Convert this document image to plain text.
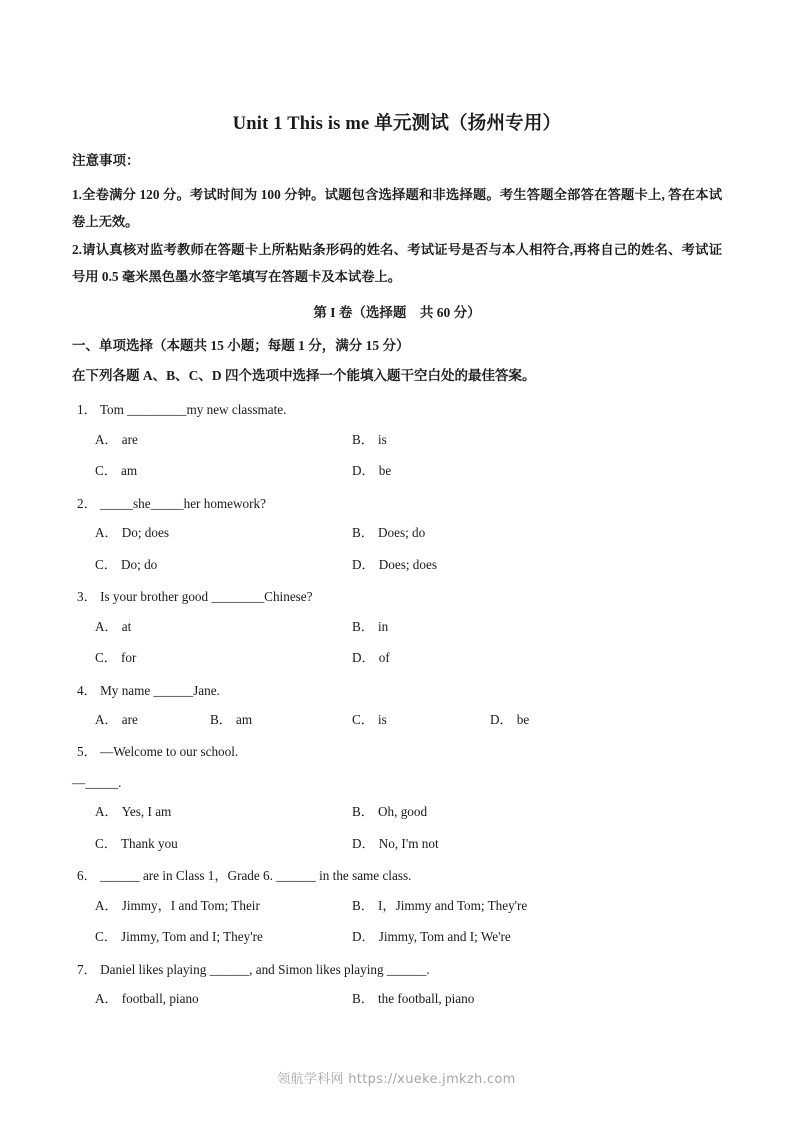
Unit 1 This is me 单元测试（扬州专用）

注意事项：

1.全卷满分 120 分。考试时间为 100 分钟。试题包含选择题和非选择题。考生答题全部答在答题卡上, 答在本试卷上无效。

2.请认真核对监考教师在答题卡上所粘贴条形码的姓名、考试证号是否与本人相符合,再将自己的姓名、考试证号用 0.5 毫米黑色墨水签字笔填写在答题卡及本试卷上。

第 I 卷（选择题　共 60 分）

一、单项选择（本题共 15 小题；每题 1 分，满分 15 分）

在下列各题 A、B、C、D 四个选项中选择一个能填入题干空白处的最佳答案。

1． Tom _________my new classmate.
A． are	B． is
C． am	D． be
2． _____she_____her homework?
A． Do; does	B． Does; do
C． Do; do	D． Does; does
3． Is your brother good ________Chinese?
A． at	B． in
C． for	D． of
4． My name ______Jane.
A． are	B． am	C． is	D． be
5． —Welcome to our school.
—_____.
A． Yes, I am	B． Oh, good
C． Thank you	D． No, I'm not
6． ______ are in Class 1，Grade 6. ______ in the same class.
A． Jimmy，I and Tom; Their	B． I，Jimmy and Tom; They're
C． Jimmy, Tom and I; They're	D． Jimmy, Tom and I; We're
7． Daniel likes playing ______, and Simon likes playing ______.
A． football, piano	B． the football, piano
领航学科网 https://xueke.jmkzh.com
